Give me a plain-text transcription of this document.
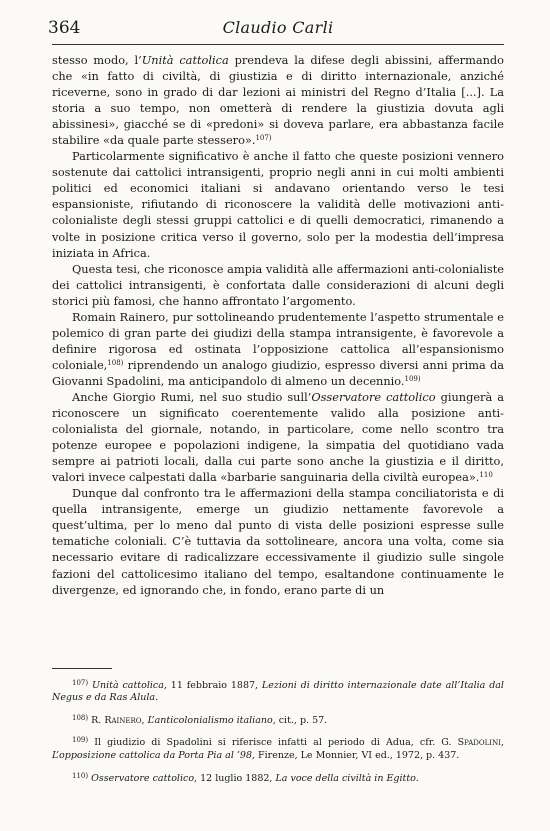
364	Claudio Carli

stesso modo, l’Unità cattolica prendeva la difese degli abissini, affermando che «in fatto di civiltà, di giustizia e di diritto internazionale, anziché riceverne, sono in grado di dar lezioni ai ministri del Regno d’Italia [...]. La storia a suo tempo, non ometterà di rendere la giustizia dovuta agli abissinesi», giacché se di «predoni» si doveva parlare, era abbastanza facile stabilire «da quale parte stessero».$^{107)}$

Particolarmente significativo è anche il fatto che queste posizioni vennero sostenute dai cattolici intransigenti, proprio negli anni in cui molti ambienti politici ed economici italiani si andavano orientando verso le tesi espansioniste, rifiutando di riconoscere la validità delle motivazioni anti-colonialiste degli stessi gruppi cattolici e di quelli democratici, rimanendo a volte in posizione critica verso il governo, solo per la modestia dell’impresa iniziata in Africa.

Questa tesi, che riconosce ampia validità alle affermazioni anti-colonialiste dei cattolici intransigenti, è confortata dalle considerazioni di alcuni degli storici più famosi, che hanno affrontato l’argomento.

Romain Rainero, pur sottolineando prudentemente l’aspetto strumentale e polemico di gran parte dei giudizi della stampa intransigente, è favorevole a definire rigorosa ed ostinata l’opposizione cattolica all’espansionismo coloniale,$^{108)}$ riprendendo un analogo giudizio, espresso diversi anni prima da Giovanni Spadolini, ma anticipandolo di almeno un decennio.$^{109)}$

Anche Giorgio Rumi, nel suo studio sull’Osservatore cattolico giungerà a riconoscere un significato coerentemente valido alla posizione anti-colonialista del giornale, notando, in particolare, come nello scontro tra potenze europee e popolazioni indigene, la simpatia del quotidiano vada sempre ai patrioti locali, dalla cui parte sono anche la giustizia e il diritto, valori invece calpestati dalla «barbarie sanguinaria della civiltà europea».$^{110}$

Dunque dal confronto tra le affermazioni della stampa conciliatorista e di quella intransigente, emerge un giudizio nettamente favorevole a quest’ultima, per lo meno dal punto di vista delle posizioni espresse sulle tematiche coloniali. C’è tuttavia da sottolineare, ancora una volta, come sia necessario evitare di radicalizzare eccessivamente il giudizio sulle singole fazioni del cattolicesimo italiano del tempo, esaltandone continuamente le divergenze, ed ignorando che, in fondo, erano parte di un

$^{107)}$ Unità cattolica, 11 febbraio 1887, Lezioni di diritto internazionale date all’Italia dal Negus e da Ras Alula.

$^{108)}$ R. Rainero, L’anticolonialismo italiano, cit., p. 57.

$^{109)}$ Il giudizio di Spadolini si riferisce infatti al periodo di Adua, cfr. G. Spadolini, L’opposizione cattolica da Porta Pia al ’98, Firenze, Le Monnier, VI ed., 1972, p. 437.

$^{110)}$ Osservatore cattolico, 12 luglio 1882, La voce della civiltà in Egitto.
